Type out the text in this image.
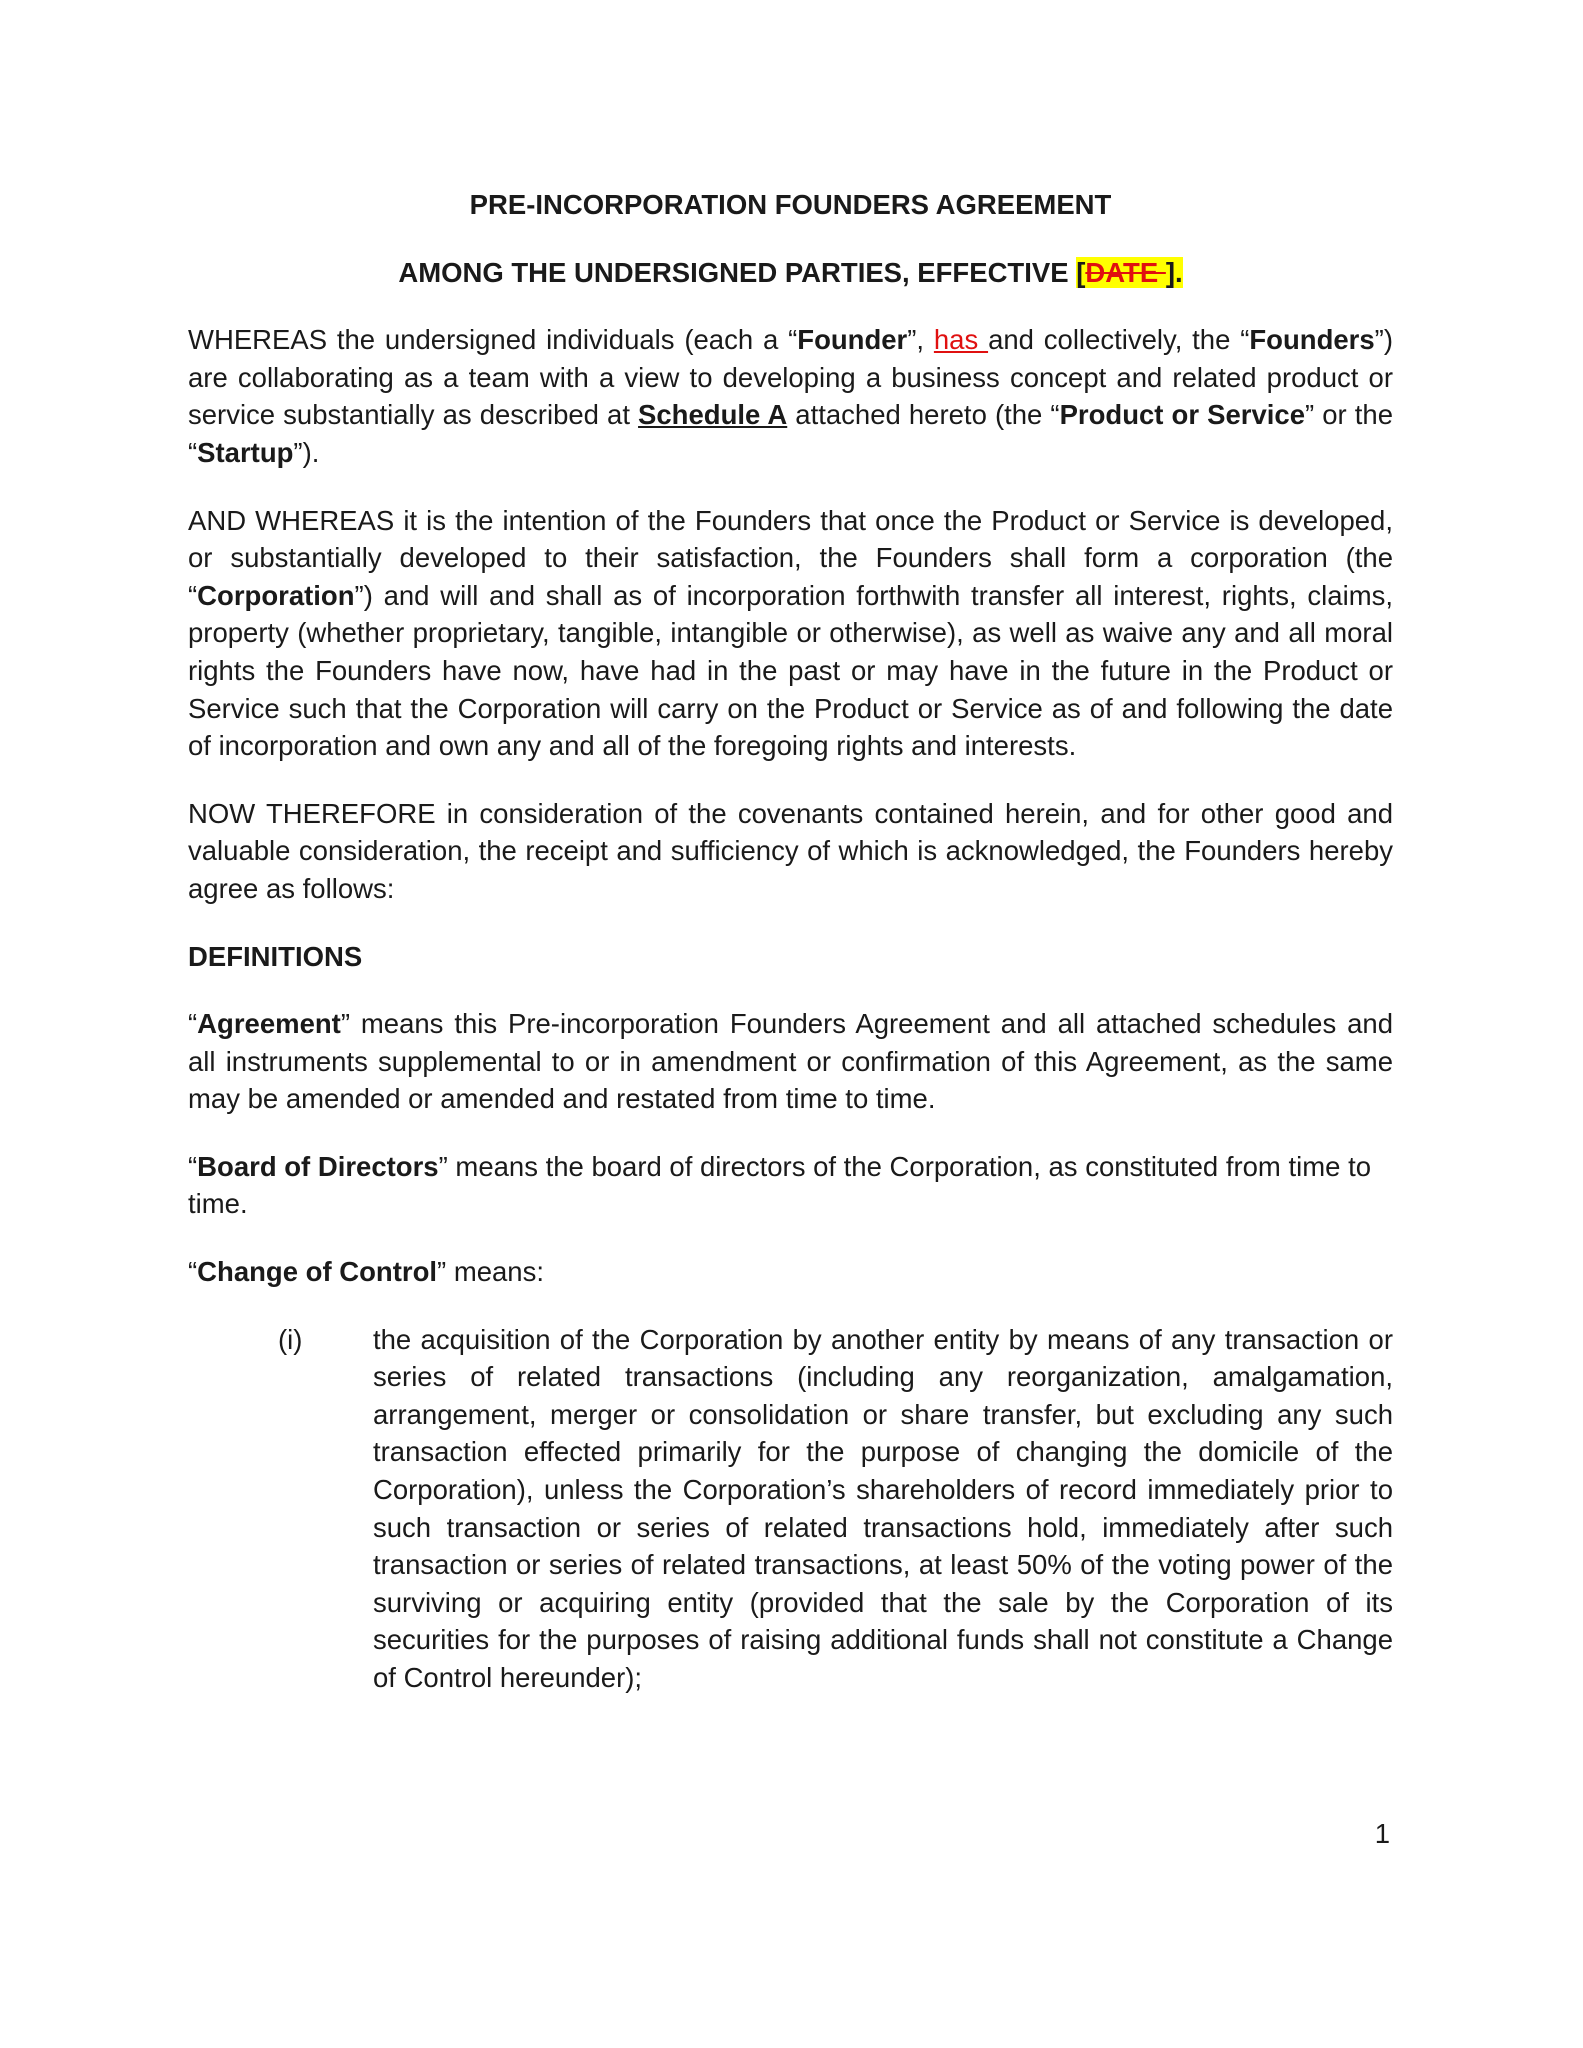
PRE-INCORPORATION FOUNDERS AGREEMENT

AMONG THE UNDERSIGNED PARTIES, EFFECTIVE [DATE ].

WHEREAS the undersigned individuals (each a “Founder”, has and collectively, the “Founders”) are collaborating as a team with a view to developing a business concept and related product or service substantially as described at Schedule A attached hereto (the “Product or Service” or the “Startup”).

AND WHEREAS it is the intention of the Founders that once the Product or Service is developed, or substantially developed to their satisfaction, the Founders shall form a corporation (the “Corporation”) and will and shall as of incorporation forthwith transfer all interest, rights, claims, property (whether proprietary, tangible, intangible or otherwise), as well as waive any and all moral rights the Founders have now, have had in the past or may have in the future in the Product or Service such that the Corporation will carry on the Product or Service as of and following the date of incorporation and own any and all of the foregoing rights and interests.

NOW THEREFORE in consideration of the covenants contained herein, and for other good and valuable consideration, the receipt and sufficiency of which is acknowledged, the Founders hereby agree as follows:

DEFINITIONS

“Agreement” means this Pre-incorporation Founders Agreement and all attached schedules and all instruments supplemental to or in amendment or confirmation of this Agreement, as the same may be amended or amended and restated from time to time.

“Board of Directors” means the board of directors of the Corporation, as constituted from time to time.

“Change of Control” means:

(i)	the acquisition of the Corporation by another entity by means of any transaction or series of related transactions (including any reorganization, amalgamation, arrangement, merger or consolidation or share transfer, but excluding any such transaction effected primarily for the purpose of changing the domicile of the Corporation), unless the Corporation’s shareholders of record immediately prior to such transaction or series of related transactions hold, immediately after such transaction or series of related transactions, at least 50% of the voting power of the surviving or acquiring entity (provided that the sale by the Corporation of its securities for the purposes of raising additional funds shall not constitute a Change of Control hereunder);
1
